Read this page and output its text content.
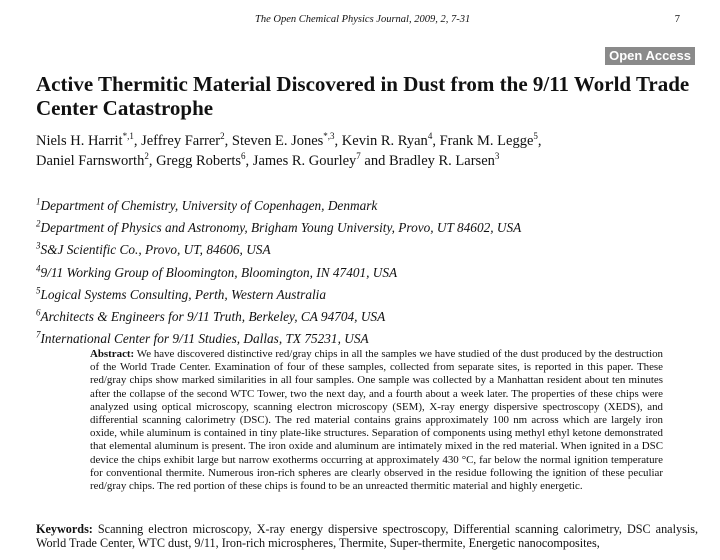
The Open Chemical Physics Journal, 2009, 2, 7-31	7
Open Access
Active Thermitic Material Discovered in Dust from the 9/11 World Trade Center Catastrophe
Niels H. Harrit$^{*,1}$, Jeffrey Farrer$^2$, Steven E. Jones$^{*,3}$, Kevin R. Ryan$^4$, Frank M. Legge$^5$,
Daniel Farnsworth$^2$, Gregg Roberts$^6$, James R. Gourley$^7$ and Bradley R. Larsen$^3$
$^1$Department of Chemistry, University of Copenhagen, Denmark
$^2$Department of Physics and Astronomy, Brigham Young University, Provo, UT 84602, USA
$^3$S&J Scientific Co., Provo, UT, 84606, USA
$^4$9/11 Working Group of Bloomington, Bloomington, IN 47401, USA
$^5$Logical Systems Consulting, Perth, Western Australia
$^6$Architects & Engineers for 9/11 Truth, Berkeley, CA 94704, USA
$^7$International Center for 9/11 Studies, Dallas, TX 75231, USA
Abstract: We have discovered distinctive red/gray chips in all the samples we have studied of the dust produced by the destruction of the World Trade Center. Examination of four of these samples, collected from separate sites, is reported in this paper. These red/gray chips show marked similarities in all four samples. One sample was collected by a Manhattan resident about ten minutes after the collapse of the second WTC Tower, two the next day, and a fourth about a week later. The properties of these chips were analyzed using optical microscopy, scanning electron microscopy (SEM), X-ray energy dispersive spectroscopy (XEDS), and differential scanning calorimetry (DSC). The red material contains grains approximately 100 nm across which are largely iron oxide, while aluminum is contained in tiny plate-like structures. Separation of components using methyl ethyl ketone demonstrated that elemental aluminum is present. The iron oxide and aluminum are intimately mixed in the red material. When ignited in a DSC device the chips exhibit large but narrow exotherms occurring at approximately 430 °C, far below the normal ignition temperature for conventional thermite. Numerous iron-rich spheres are clearly observed in the residue following the ignition of these peculiar red/gray chips. The red portion of these chips is found to be an unreacted thermitic material and highly energetic.
Keywords: Scanning electron microscopy, X-ray energy dispersive spectroscopy, Differential scanning calorimetry, DSC analysis, World Trade Center, WTC dust, 9/11, Iron-rich microspheres, Thermite, Super-thermite, Energetic nanocomposites,
